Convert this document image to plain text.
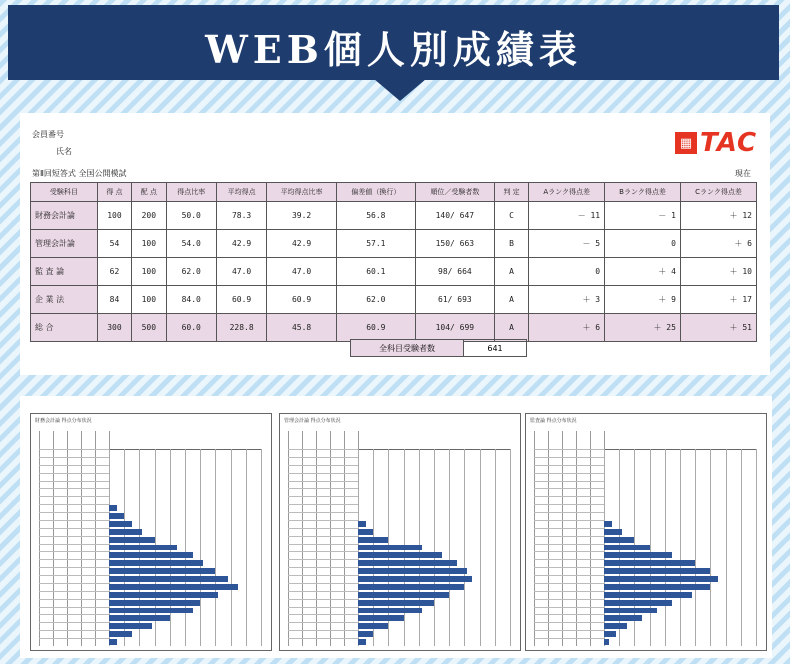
WEB個人別成績表
会員番号
氏名
第Ⅱ回短答式 全国公開模試	現在
▦ TAC
受験科目	得 点	配 点	得点比率	平均得点	平均得点比率	偏差値（換行）	順位／受験者数	判 定	Aランク得点差	Bランク得点差	Cランク得点差
財務会計論	100	200	50.0	78.3	39.2	56.8	140/ 647	C	－ 11	－ 1	＋ 12
管理会計論	54	100	54.0	42.9	42.9	57.1	150/ 663	B	－ 5	0	＋ 6
監 査 論	62	100	62.0	47.0	47.0	60.1	98/ 664	A	0	＋ 4	＋ 10
企 業 法	84	100	84.0	60.9	60.9	62.0	61/ 693	A	＋ 3	＋ 9	＋ 17
総 合	300	500	60.0	228.8	45.8	60.9	104/ 699	A	＋ 6	＋ 25	＋ 51
全科目受験者数	641
財務会計論 得点分布状況	管理会計論 得点分布状況	監査論 得点分布状況
